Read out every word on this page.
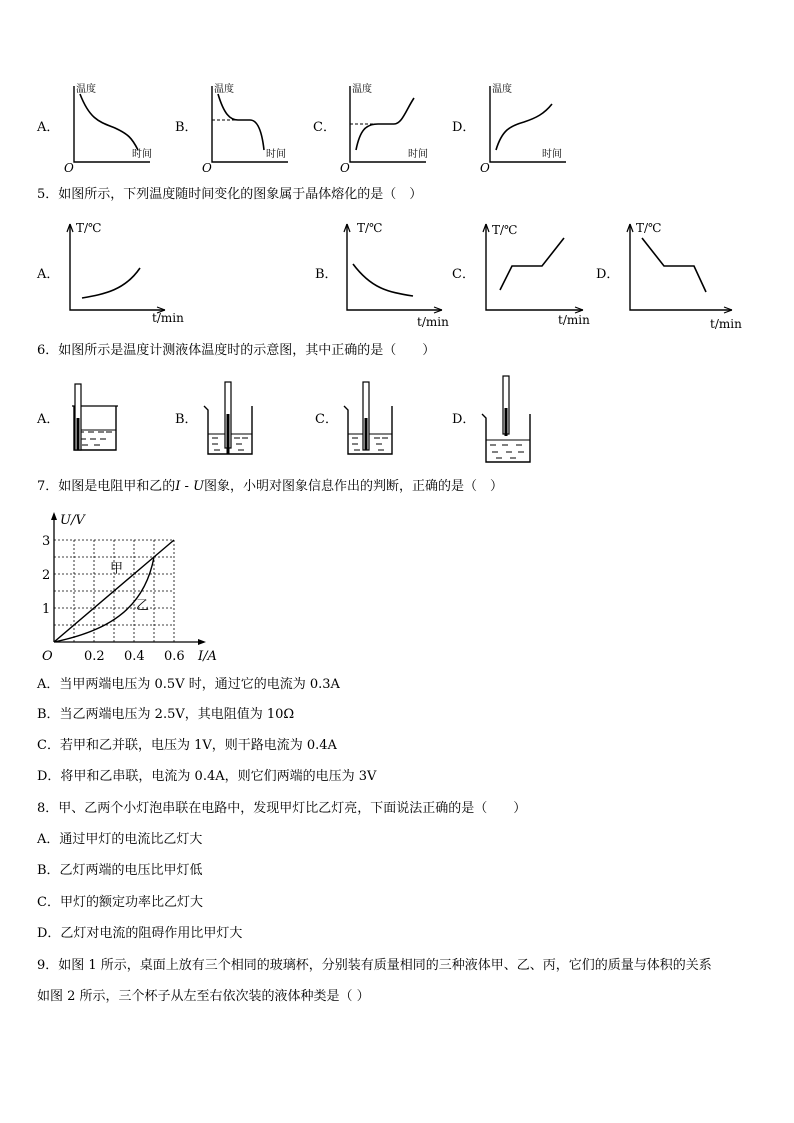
A．
温度
时间
O
B．
温度
时间
O
C．
温度
时间
O
D．
温度
时间
O
5．如图所示，下列温度随时间变化的图象属于晶体熔化的是（　）
A．
T/℃
t/min
B．
T/℃
t/min
C．
T/℃
t/min
D．
T/℃
t/min
6．如图所示是温度计测液体温度时的示意图，其中正确的是（　　）
A．	B．	C．	D．
7．如图是电阻甲和乙的I - U图象，小明对图象信息作出的判断，正确的是（　）
U/V
I/A
O
1
2
3
0.2 0.4 0.6
甲
乙
A．当甲两端电压为 0.5V 时，通过它的电流为 0.3A
B．当乙两端电压为 2.5V，其电阻值为 10Ω
C．若甲和乙并联，电压为 1V，则干路电流为 0.4A
D．将甲和乙串联，电流为 0.4A，则它们两端的电压为 3V
8．甲、乙两个小灯泡串联在电路中，发现甲灯比乙灯亮，下面说法正确的是（　　）
A．通过甲灯的电流比乙灯大
B．乙灯两端的电压比甲灯低
C．甲灯的额定功率比乙灯大
D．乙灯对电流的阻碍作用比甲灯大
9．如图 1 所示，桌面上放有三个相同的玻璃杯，分别装有质量相同的三种液体甲、乙、丙，它们的质量与体积的关系
如图 2 所示，三个杯子从左至右依次装的液体种类是（ ）
